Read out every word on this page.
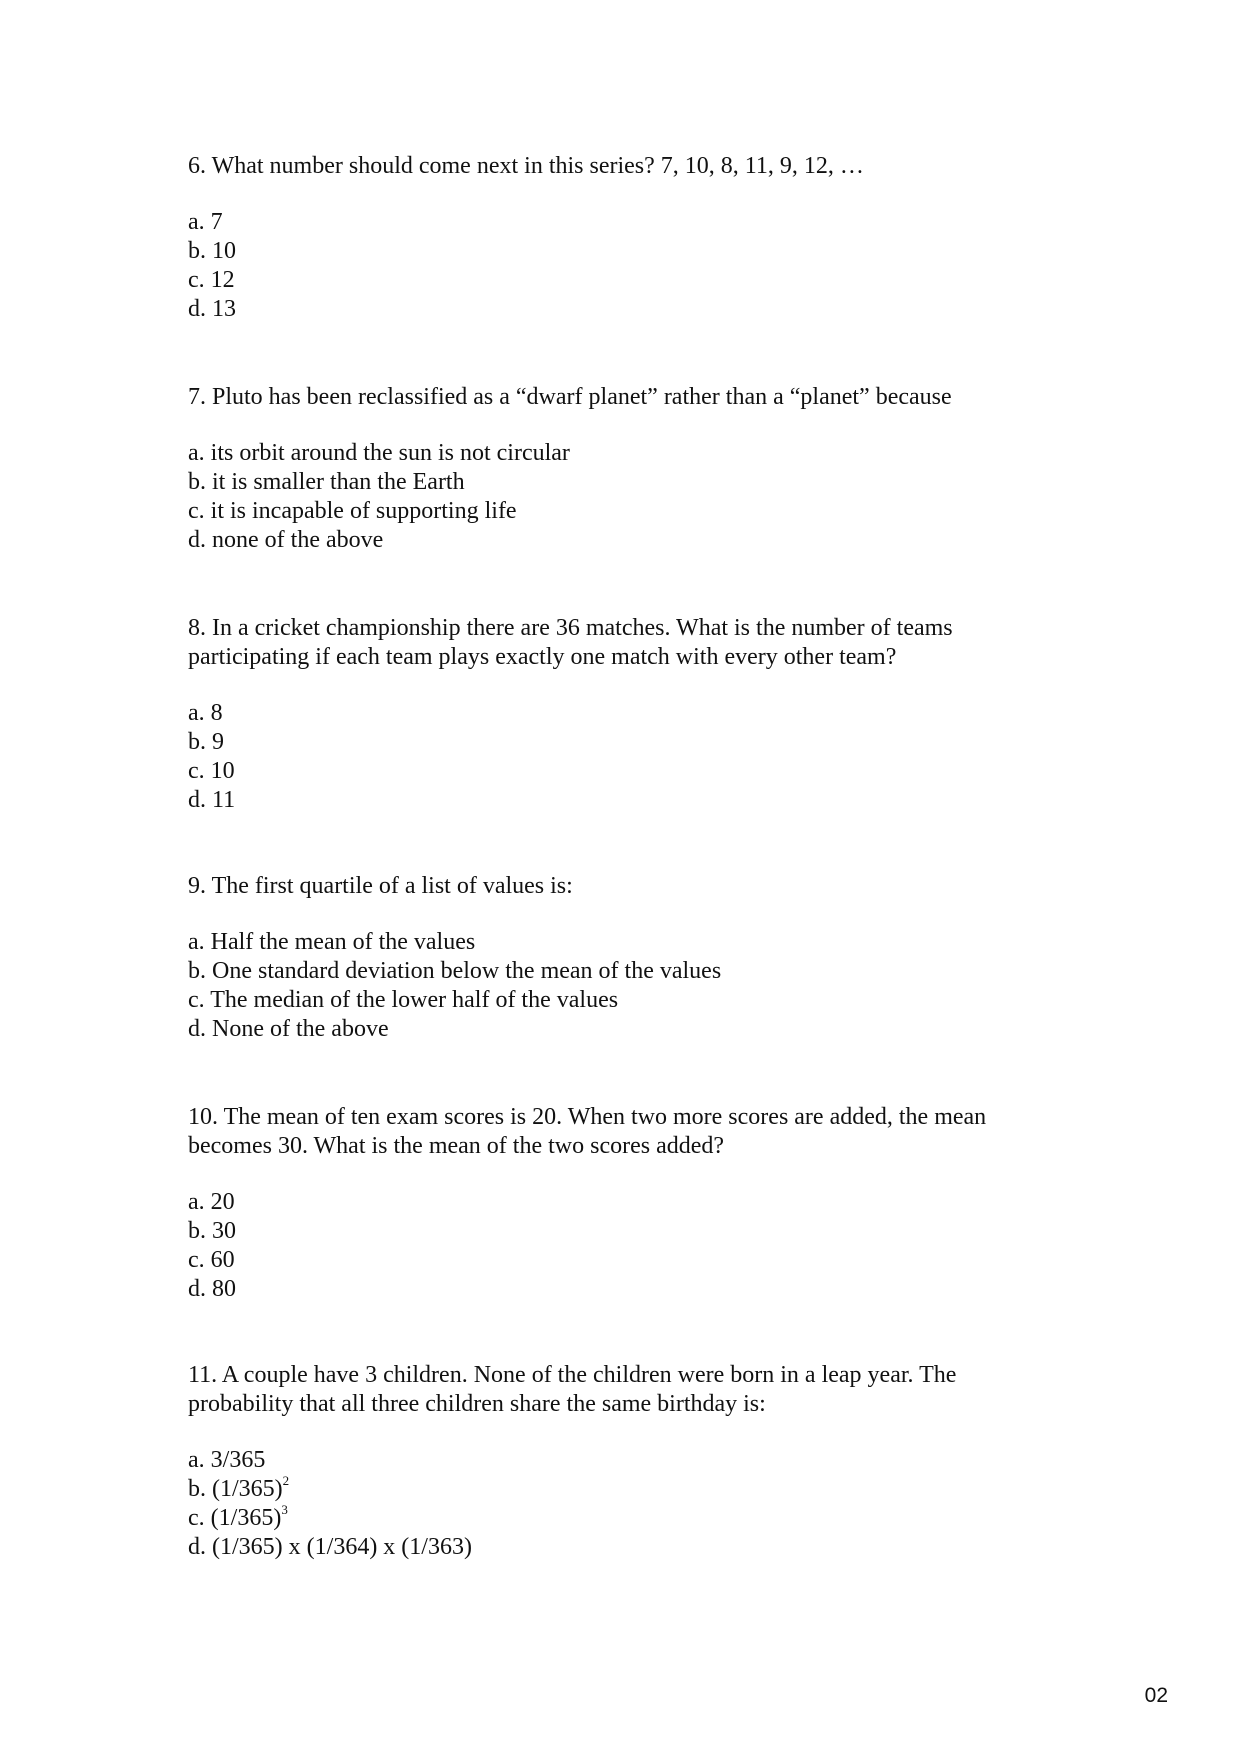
6. What number should come next in this series? 7, 10, 8, 11, 9, 12, …

a. 7
b. 10
c. 12
d. 13

7. Pluto has been reclassified as a “dwarf planet” rather than a “planet” because

a. its orbit around the sun is not circular
b. it is smaller than the Earth
c. it is incapable of supporting life
d. none of the above

8. In a cricket championship there are 36 matches. What is the number of teams
participating if each team plays exactly one match with every other team?

a. 8
b. 9
c. 10
d. 11

9. The first quartile of a list of values is:

a. Half the mean of the values
b. One standard deviation below the mean of the values
c. The median of the lower half of the values
d. None of the above

10. The mean of ten exam scores is 20. When two more scores are added, the mean
becomes 30. What is the mean of the two scores added?

a. 20
b. 30
c. 60
d. 80

11. A couple have 3 children. None of the children were born in a leap year. The
probability that all three children share the same birthday is:

a. 3/365
b. $(1/365)^2$
c. $(1/365)^3$
d. (1/365) x (1/364) x (1/363)
02
